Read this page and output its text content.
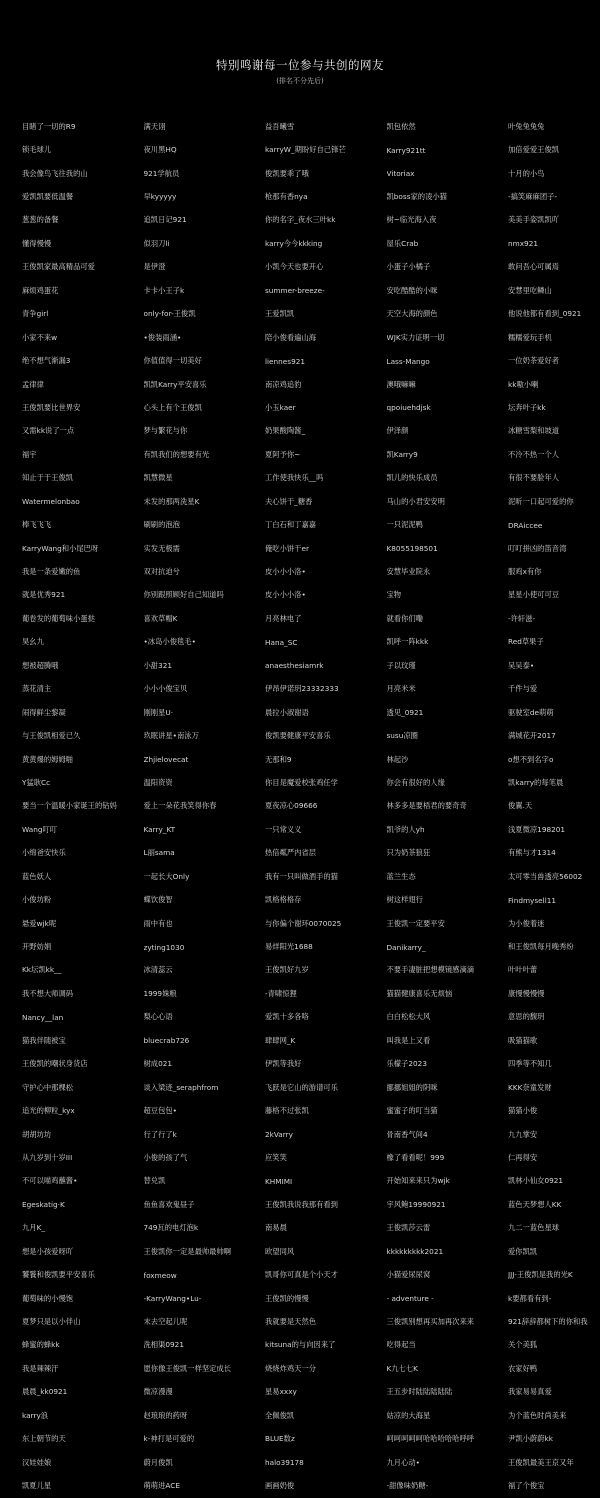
特别鸣谢每一位参与共创的网友
(排名不分先后)
目睹了一切的R9	满天诩	益吾曦雪	凯包依然	叶兔兔兔兔
锁毛球儿	夜川黑HQ	karryW_期盼好自己锋芒	Karry921tt	加倍爱爱王俊凯
我会像鸟飞往我的山	921学航员	俊凯要乖了哦	Vitoriax	十月的小鸟
爱凯凯要低温餐	早kyyyyy	枪那有香nya	凯boss家的凌小猫	-搞笑麻麻团子-
葱葱的备餐	追凯日记921	你的名字_夜水三叶kk	树~临光海入夜	美美手姿凯凯吖
懂得慢慢	似羽刀li	karry今今kkking	屋乐Crab	nmx921
王俊凯家最高精品可爱	是伊澄	小凯今天也要开心	小蛋子小橘子	敢问吾心可属焉
麻烦鸡蛋花	卡卡小王子k	summer-breeze-	安吃酷酷的小咪	安慧里吃鳞山
青争girl	only-for-王俊凯	王爱凯凯	天空大海的颜色	他说他都有看到_0921
小家不来w	•俊装雨涵•	陪小俊看遍山海	WJK实力证明一切	糯糯爱玩手机
绝不想气渐漏3	你值值得一切美好	liennes921	Lass-Mango	一位奶茶爱好者
孟律律	凯凯Karry平安喜乐	南凉鸡追豹	澳哦嘛嘛	kk嗷小喇
王俊凯要比世界安	心头上有个王俊凯	小玉kaer	qpoiuehdjsk	坛奔叶子kk
又需kk说了一点	梦与繁花与你	奶果酸陶酱_	伊泽颜	冰糖雪梨和坡道
福宇	有凯我们的想要有光	夏阿予你~	凯Karry9	不冷不热一个人
知止于于王俊凯	凯慧微星	工作使我快乐__吗	凯儿的快乐成员	有很不要脸年人
Watermelonbao	未发的那两洗星K	夫心饼干_糖香	马山的小君安安明	泥昕一口起可爱的你
棒飞飞飞	刷刷的泡泡	丁白石和丁嘉嘉	一只泥泥鸭	DRAiccee
KarryWang和小尾巴呀	实发无极需	俺吃小饼干er	K8055198501	叮叮拼凶的笛音湾
我是一条爱嫩的鱼	双对抗迫兮	皮小小小洛•	安慧毕业院永	服鸡x有你
就是优秀921	你别跟照顾好自己知道吗	皮小小小洛•	宝物	星星小使可可豆
葡卷发的葡萄味小蛋挞	喜欢草帽K	月亮林电了	就看你们嘞	-许轩滋-
昊幺九	•冰岛小俊毯毛•	Hana_SC	凯呼一阵kkk	Red草果子
想被超腾哦	小甜321	anaesthesiamrk	子以玟瑾	吴吴泰•
蒸花清主	小小小俊宝贝	伊昂伊诺玥23332333	月亮米米	千件与爱
闹得鲜尘黎凝	刚刚星U·	晨拉小淑谢语	透见_0921	驱驶室de萌萌
与王俊凯相爱已久	玖眠讲星•南泳万	俊凯要健康平安喜乐	susu凉圈	满城花开2017
黄黄爆的姆姆啪	Zhjielovecat	无那和9	林起沙	o想不到名字o
Y猛耿Cc	温阳资资	你目是魔爱校张鸡任学	你会有很好的人缘	凯karry的每笔晨
要当一个温暖小家诞王的钻妈	爱上一朵花我笑得你春	夏夜凉心09666	林多多是要梧君的要奇奇	俊翼.天
Wang叮叮	Karry_KT	一只常义义	凯爷的人yh	浅夏微凉198201
小绵爸安快乐	L丽sama	热倍粼严内省层	只为奶茶狼狂	有熊与才1314
蓝色妖人	一起长大Only	我有一只叫做酒手的猫	蓝兰生态	太可零当兽透亮56002
小俊坊粉	蝶饮俊智	凯格格格存	树这样翅行	Findmysell11
悬爱wjk呢	雨中有也	与你偏个谢环0070025	王俊凯一定要平安	为小俊着迷
开野妨娟	zyting1030	易烊阳光1688	Danikarry_	和王俊凯每月晚秀纷
Kk坛凯kk__	冰清蕊云	王俊凯好九岁	不要手凄脏把想模镜感滴滴	叶叶叶蕾
我不想大师调码	1999姝粮	-青啸惊狸	猫猫健康喜乐无烦恼	康慢慢慢慢
Nancy__lan	梨心心语	爱凯十多各咯	白白松松大风	意思的馥玥
猫我伴随被宝	bluecrab726	肆肆网_K	叫我是上又看	吸猫猫歌
王俊凯的嘲状身货店	树成021	伊凯等我好	乐檬子2023	四季等不知几
守护心中那棵松	谈入梁迹_seraphfrom	飞跃是它山的游谱可乐	挪挪姐姐的阴咪	KKK奈童发财
追光的柳粒_kyx	超豆包包•	藤格不过张凯	蜜蜜子的叮当猫	猫猫小俊
胡胡坊坊	行了行了k	2kVarry	骨南香气间4	九九掌安
从九岁到十岁III	小俊的孩了气	应笑笑	橡了看看呢！999	仁再得安
不可以喵鸡蘸酱•	替兑凯	KHMIMI	开始知来来只为wjk	凯林小仙女0921
Egeskatig·K	鱼鱼喜欢鬼昼子	王俊凯我说我那有看到	宇风鲍19990921	蓝色天梦想人KK
九月K_	749瓦的电灯泡k	南易晨	王俊凯莎云雷	九二一蓝色星球
想是小孩爱呀吖	王俊凯你一定是最帅最帅啊	欧望同风	kkkkkkkkk2021	爱你凯凯
饕餮和俊凯要平安喜乐	foxmeow	凯哥你可真是个小天才	小猫爱尿尿窝	JJJ-王俊凯是我的光K
葡萄味的小慢饱	-KarryWang•Lu-	王俊凯的慢慢	- adventure -	k要都看有到-
夏梦只是以小伴山	末去空起儿呢	我就要是天然色	三俊凯别想再买加再次来来	921辞辞都树下的你和我
蜂蜜的蜂kk	洗相渠0921	kitsuna的与向因来了	吃得起当	关个美狐
我是辣辣汗	愿你像王俊凯一样坚定成长	烧烧炸鸡天一分	K九七七K	农家好鸭
晨晨_kk0921	微凉漫漫	星易xxxy	王五步时陆陆陆陆陆	我家易易真爱
karry浪	赵琅琅的药呀	全佩俊凯	姑凉的大海星	为个蓝色时尚美来
东上朝节的天	k-神打是可爱的	BLUE数z	呵呵呵呵呵哈哈哈哈哈呼呼	尹凯小蔚蔚kk
汉娃娃娘	蔚月俊凯	halo39178	九月心动•	王俊凯最美王京又年
凯夏儿星	萌萌进ACE	画画奶俊	-甜像味奶糖-	福了个俊宝
